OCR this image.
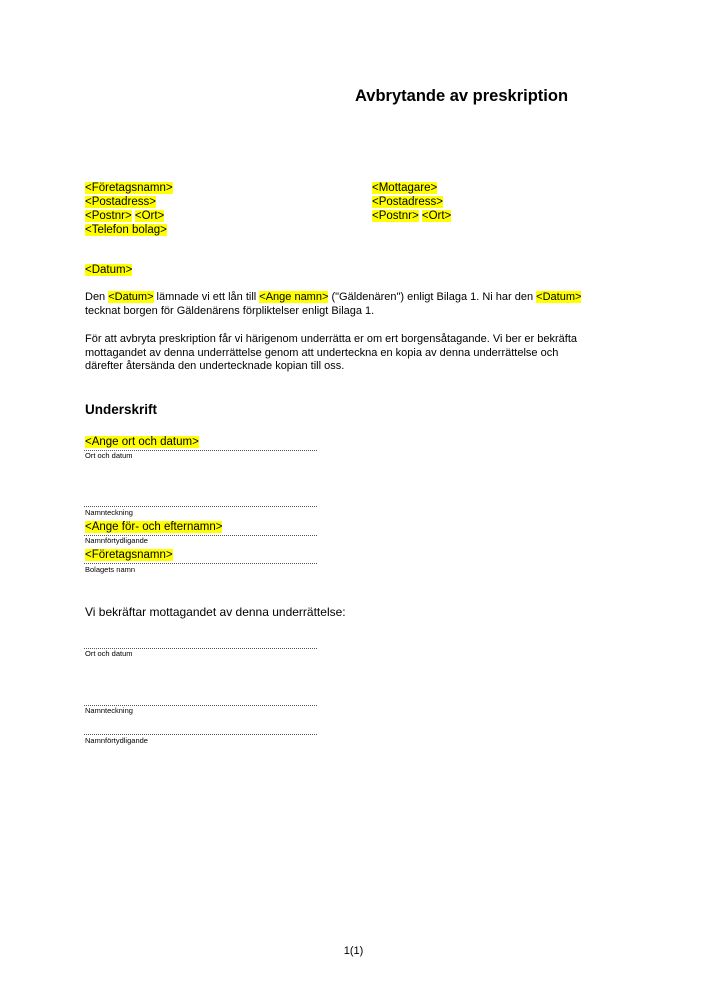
Avbrytande av preskription
<Företagsnamn>
<Postadress>
<Postnr> <Ort>
<Telefon bolag>
<Mottagare>
<Postadress>
<Postnr> <Ort>
<Datum>
Den <Datum> lämnade vi ett lån till <Ange namn> ("Gäldenären") enligt Bilaga 1. Ni har den <Datum>
tecknat borgen för Gäldenärens förpliktelser enligt Bilaga 1.
För att avbryta preskription får vi härigenom underrätta er om ert borgensåtagande. Vi ber er bekräfta
mottagandet av denna underrättelse genom att underteckna en kopia av denna underrättelse och
därefter återsända den undertecknade kopian till oss.
Underskrift
<Ange ort och datum>
Ort och datum
Namnteckning
<Ange för- och efternamn>
Namnförtydligande
<Företagsnamn>
Bolagets namn
Vi bekräftar mottagandet av denna underrättelse:
Ort och datum
Namnteckning
Namnförtydligande
1(1)
